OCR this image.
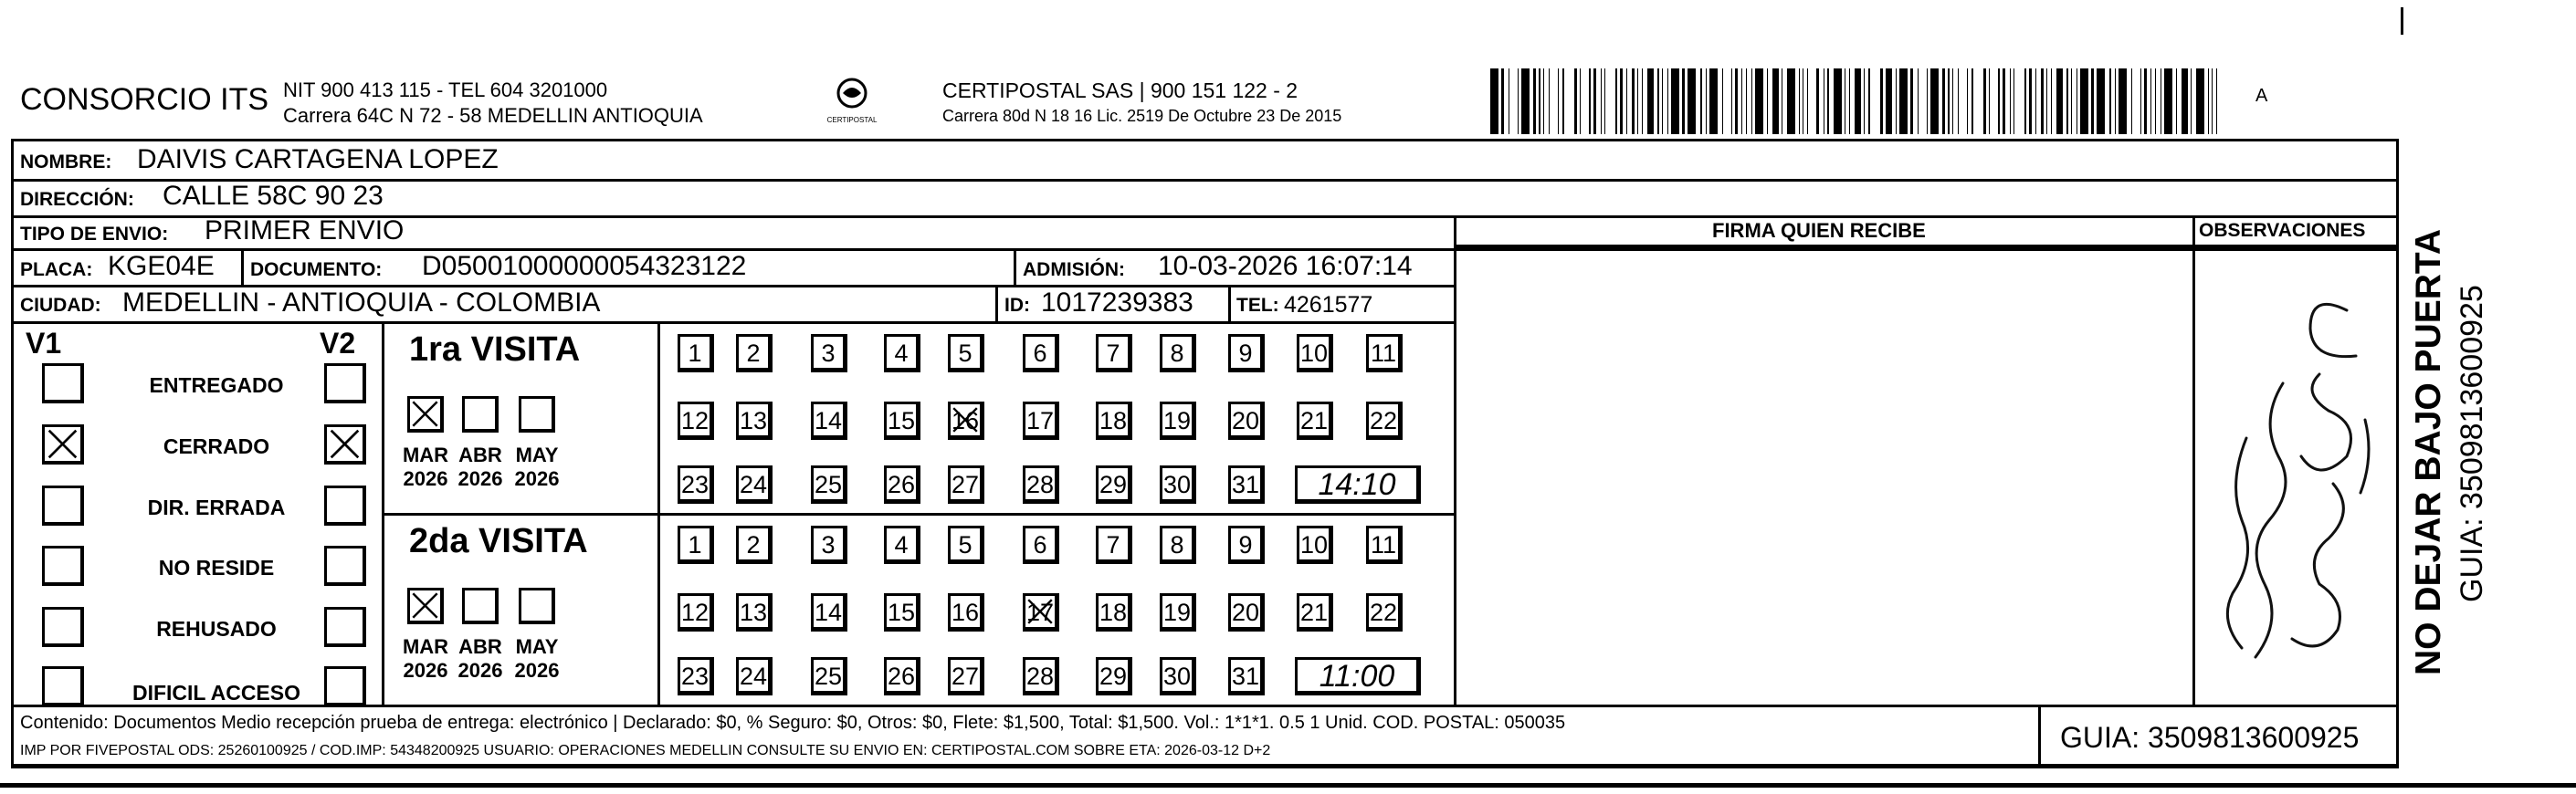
CONSORCIO ITS NIT 900 413 115 - TEL 604 3201000
Carrera 64C N 72 - 58 MEDELLIN ANTIOQUIA	CERTIPOSTAL
CERTIPOSTAL SAS | 900 151 122 - 2
Carrera 80d N 18 16 Lic. 2519 De Octubre 23 De 2015
A
NOMBRE: DAIVIS CARTAGENA LOPEZ
DIRECCIÓN: CALLE 58C 90 23
TIPO DE ENVIO: PRIMER ENVIO
PLACA: KGE04E DOCUMENTO: D05001000000054323122	ADMISIÓN: 10-03-2026 16:07:14
CIUDAD: MEDELLIN - ANTIOQUIA - COLOMBIA	ID: 1017239383 TEL: 4261577
FIRMA QUIEN RECIBE	OBSERVACIONES
V1	V2
ENTREGADO
CERRADO
DIR. ERRADA
NO RESIDE
REHUSADO
DIFICIL ACCESO
1ra VISITA
MAR
2026
ABR
2026
MAY
2026
1	2	3	4	5	6	7	8	9	10 11
12 13 14 15 16 17 18 19 20 21 22
23 24 25 26 27 28 29 30 31	14:10
2da VISITA
MAR
2026
ABR
2026
MAY
2026
1	2	3	4	5	6	7	8	9	10 11
12 13 14 15 16 17 18 19 20 21 22
23 24 25 26 27 28 29 30 31	11:00
Contenido: Documentos Medio recepción prueba de entrega: electrónico | Declarado: $0, % Seguro: $0, Otros: $0, Flete: $1,500, Total: $1,500. Vol.: 1*1*1. 0.5 1 Unid. COD. POSTAL: 050035
IMP POR FIVEPOSTAL ODS: 25260100925 / COD.IMP: 54348200925 USUARIO: OPERACIONES MEDELLIN CONSULTE SU ENVIO EN: CERTIPOSTAL.COM SOBRE ETA: 2026-03-12 D+2	GUIA: 3509813600925
NO DEJAR BAJO PUERTA GUIA: 3509813600925
